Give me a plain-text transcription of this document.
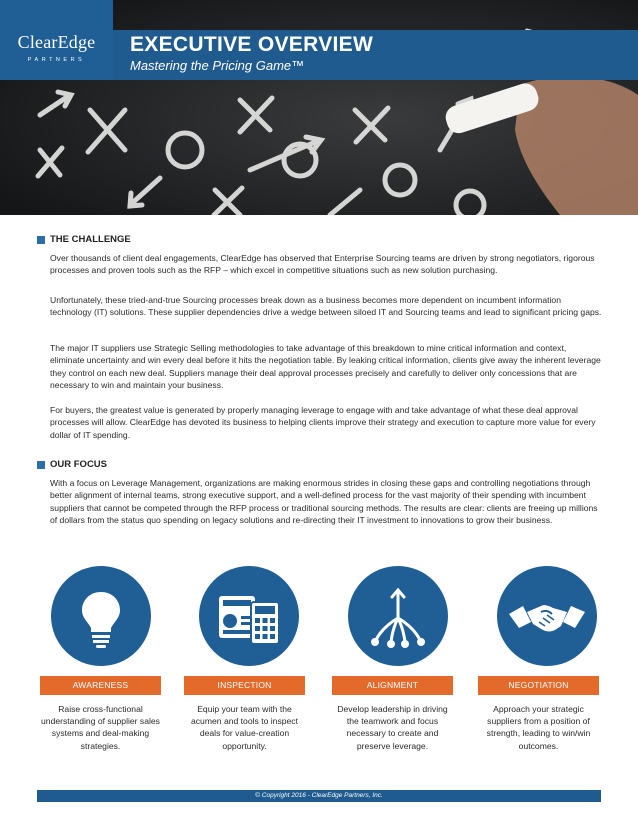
ClearEdge
PARTNERS
EXECUTIVE OVERVIEW
Mastering the Pricing Game™
THE CHALLENGE

Over thousands of client deal engagements, ClearEdge has observed that Enterprise Sourcing teams are driven by strong negotiators, rigorous processes and proven tools such as the RFP – which excel in competitive situations such as new solution purchasing.

Unfortunately, these tried-and-true Sourcing processes break down as a business becomes more dependent on incumbent information technology (IT) solutions. These supplier dependencies drive a wedge between siloed IT and Sourcing teams and lead to significant pricing gaps.

The major IT suppliers use Strategic Selling methodologies to take advantage of this breakdown to mine critical information and context, eliminate uncertainty and win every deal before it hits the negotiation table. By leaking critical information, clients give away the inherent leverage they control on each new deal. Suppliers manage their deal approval processes precisely and carefully to deliver only concessions that are necessary to win and maintain your business.

For buyers, the greatest value is generated by properly managing leverage to engage with and take advantage of what these deal approval processes will allow. ClearEdge has devoted its business to helping clients improve their strategy and execution to capture more value for every dollar of IT spending.

OUR FOCUS

With a focus on Leverage Management, organizations are making enormous strides in closing these gaps and controlling negotiations through better alignment of internal teams, strong executive support, and a well-defined process for the vast majority of their spending with incumbent suppliers that cannot be competed through the RFP process or traditional sourcing methods. The results are clear: clients are freeing up millions of dollars from the status quo spending on legacy solutions and re-directing their IT investment to innovations to grow their business.

AWARENESS	INSPECTION	ALIGNMENT	NEGOTIATION

Raise cross-functional understanding of supplier sales systems and deal-making strategies.

Equip your team with the acumen and tools to inspect deals for value-creation opportunity.

Develop leadership in driving the teamwork and focus necessary to create and preserve leverage.

Approach your strategic suppliers from a position of strength, leading to win/win outcomes.

© Copyright 2016 - ClearEdge Partners, Inc.
